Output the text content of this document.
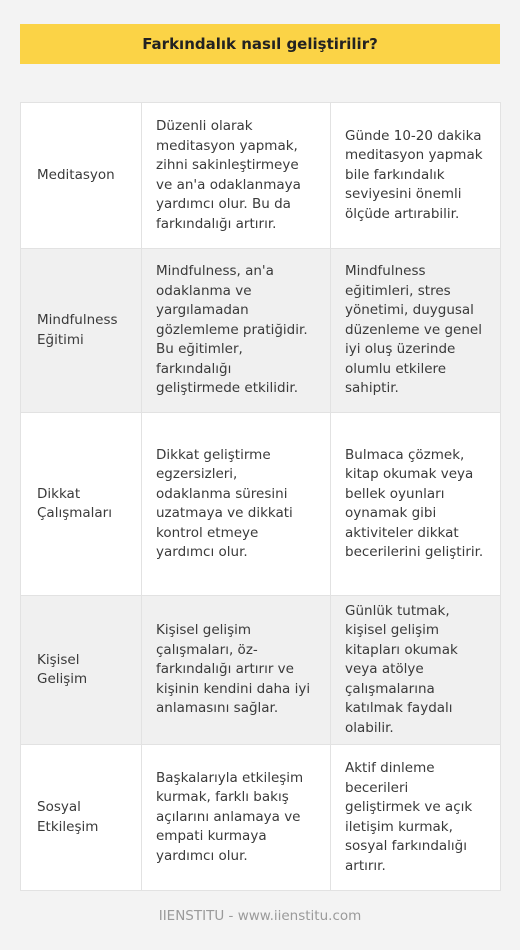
Farkındalık nasıl geliştirilir?
Meditasyon	Düzenli olarak meditasyon yapmak, zihni sakinleştirmeye ve an'a odaklanmaya yardımcı olur. Bu da farkındalığı artırır.	Günde 10-20 dakika meditasyon yapmak bile farkındalık seviyesini önemli ölçüde artırabilir.
Mindfulness Eğitimi	Mindfulness, an'a odaklanma ve yargılamadan gözlemleme pratiğidir. Bu eğitimler, farkındalığı geliştirmede etkilidir.	Mindfulness eğitimleri, stres yönetimi, duygusal düzenleme ve genel iyi oluş üzerinde olumlu etkilere sahiptir.
Dikkat Çalışmaları	Dikkat geliştirme egzersizleri, odaklanma süresini uzatmaya ve dikkati kontrol etmeye yardımcı olur.	Bulmaca çözmek, kitap okumak veya bellek oyunları oynamak gibi aktiviteler dikkat becerilerini geliştirir.
Kişisel Gelişim	Kişisel gelişim çalışmaları, öz-farkındalığı artırır ve kişinin kendini daha iyi anlamasını sağlar.	Günlük tutmak, kişisel gelişim kitapları okumak veya atölye çalışmalarına katılmak faydalı olabilir.
Sosyal Etkileşim	Başkalarıyla etkileşim kurmak, farklı bakış açılarını anlamaya ve empati kurmaya yardımcı olur.	Aktif dinleme becerileri geliştirmek ve açık iletişim kurmak, sosyal farkındalığı artırır.
IIENSTITU - www.iienstitu.com
